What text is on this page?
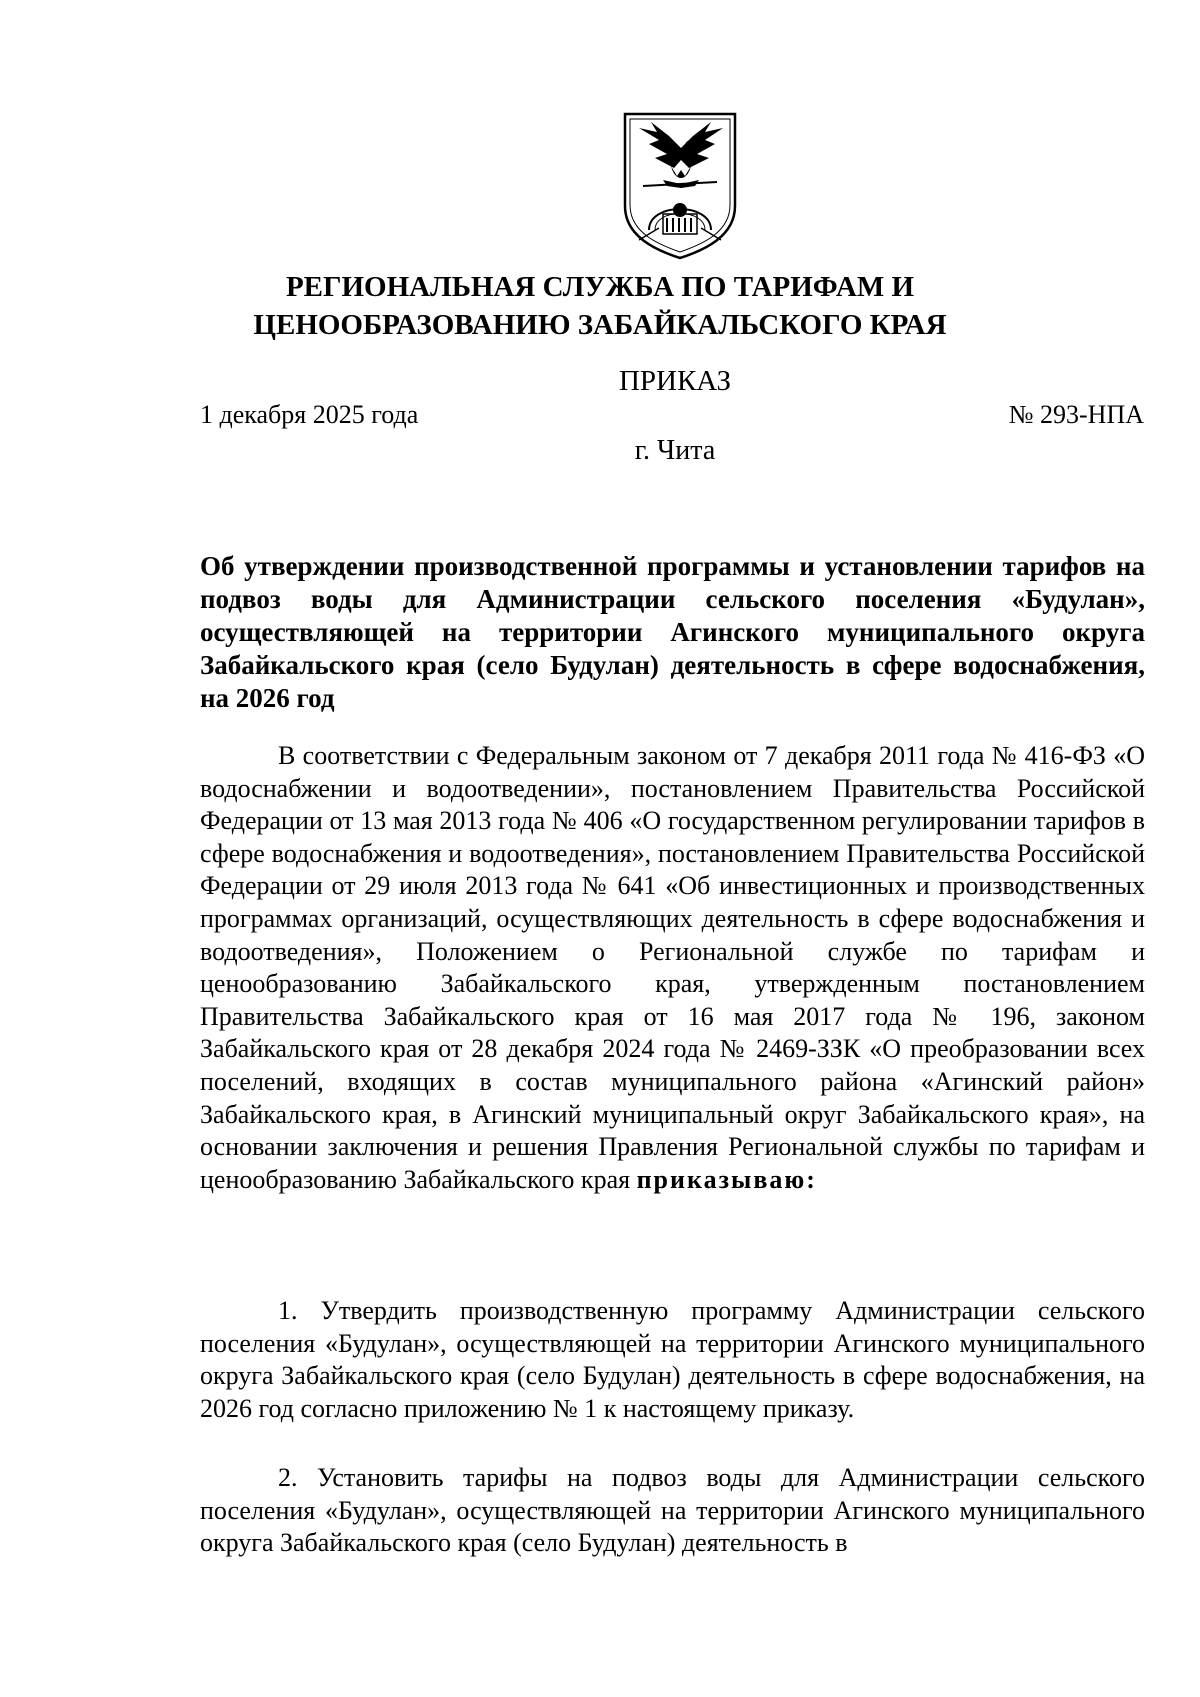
РЕГИОНАЛЬНАЯ СЛУЖБА ПО ТАРИФАМ И
ЦЕНООБРАЗОВАНИЮ ЗАБАЙКАЛЬСКОГО КРАЯ
ПРИКАЗ
1 декабря 2025 года	№ 293-НПА
г. Чита
Об утверждении производственной программы и установлении тарифов на подвоз воды для Администрации сельского поселения «Будулан», осуществляющей на территории Агинского муниципального округа Забайкальского края (село Будулан) деятельность в сфере водоснабжения, на 2026 год

В соответствии с Федеральным законом от 7 декабря 2011 года № 416-ФЗ «О водоснабжении и водоотведении», постановлением Правительства Российской Федерации от 13 мая 2013 года № 406 «О государственном регулировании тарифов в сфере водоснабжения и водоотведения», постановлением Правительства Российской Федерации от 29 июля 2013 года № 641 «Об инвестиционных и производственных программах организаций, осуществляющих деятельность в сфере водоснабжения и водоотведения», Положением о Региональной службе по тарифам и ценообразованию Забайкальского края, утвержденным постановлением Правительства Забайкальского края от 16 мая 2017 года № 196, законом Забайкальского края от 28 декабря 2024 года № 2469-ЗЗК «О преобразовании всех поселений, входящих в состав муниципального района «Агинский район» Забайкальского края, в Агинский муниципальный округ Забайкальского края», на основании заключения и решения Правления Региональной службы по тарифам и ценообразованию Забайкальского края приказываю:

1. Утвердить производственную программу Администрации сельского поселения «Будулан», осуществляющей на территории Агинского муниципального округа Забайкальского края (село Будулан) деятельность в сфере водоснабжения, на 2026 год согласно приложению № 1 к настоящему приказу.

2. Установить тарифы на подвоз воды для Администрации сельского поселения «Будулан», осуществляющей на территории Агинского муниципального округа Забайкальского края (село Будулан) деятельность в
